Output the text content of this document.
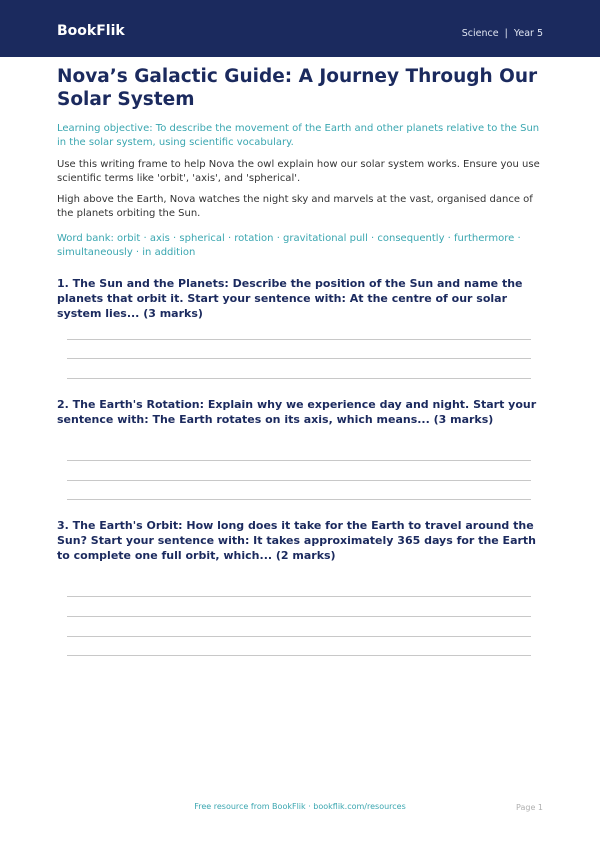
BookFlik	Science | Year 5
Nova’s Galactic Guide: A Journey Through Our Solar System

Learning objective: To describe the movement of the Earth and other planets relative to the Sun in the solar system, using scientific vocabulary.

Use this writing frame to help Nova the owl explain how our solar system works. Ensure you use scientific terms like 'orbit', 'axis', and 'spherical'.

High above the Earth, Nova watches the night sky and marvels at the vast, organised dance of the planets orbiting the Sun.

Word bank: orbit · axis · spherical · rotation · gravitational pull · consequently · furthermore · simultaneously · in addition

1. The Sun and the Planets: Describe the position of the Sun and name the planets that orbit it. Start your sentence with: At the centre of our solar system lies... (3 marks)

2. The Earth's Rotation: Explain why we experience day and night. Start your sentence with: The Earth rotates on its axis, which means... (3 marks)

3. The Earth's Orbit: How long does it take for the Earth to travel around the Sun? Start your sentence with: It takes approximately 365 days for the Earth to complete one full orbit, which... (2 marks)

Free resource from BookFlik · bookflik.com/resources	Page 1
